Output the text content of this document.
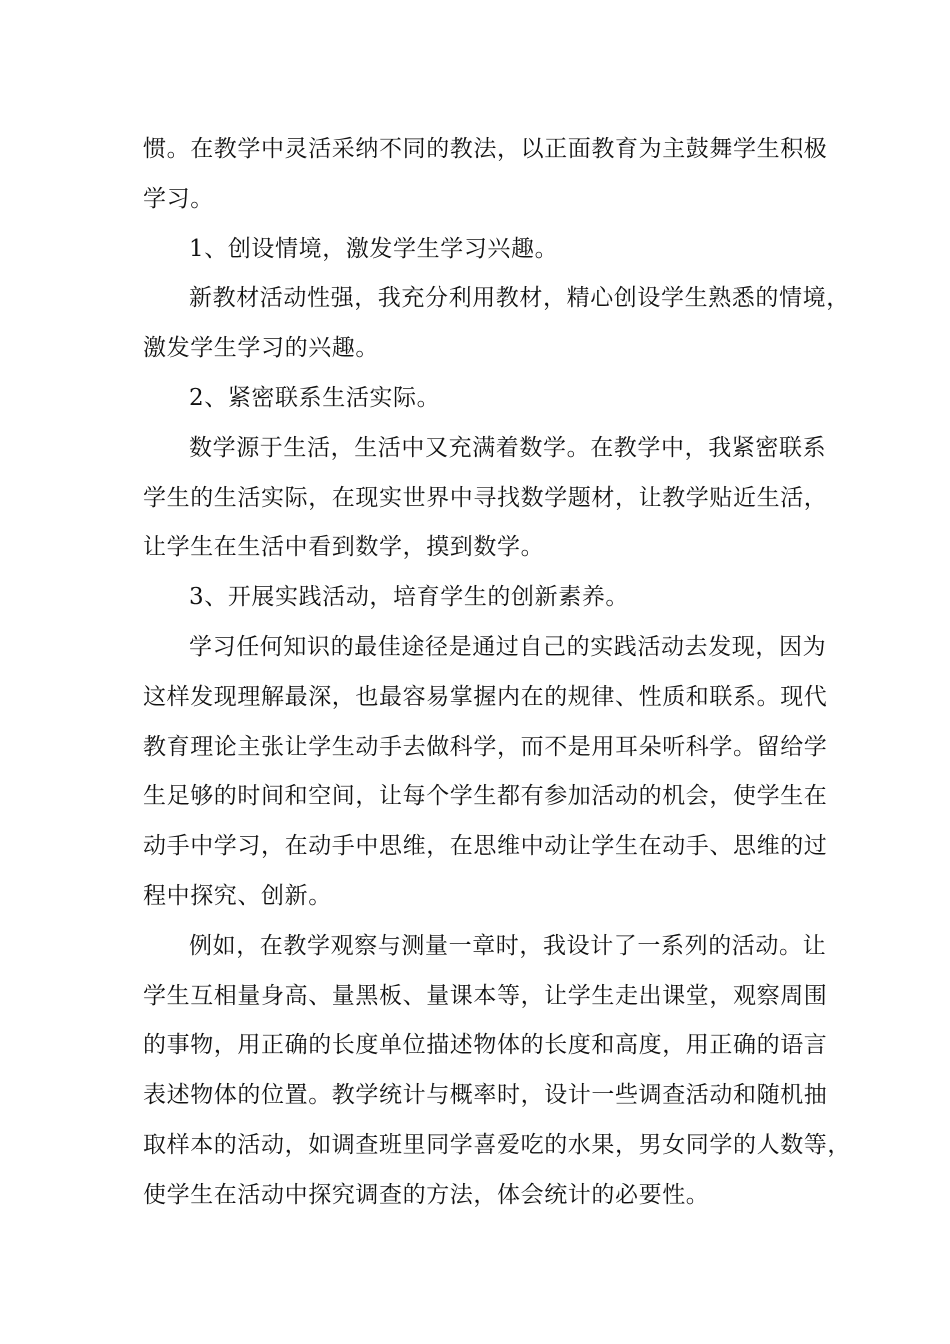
惯。在教学中灵活采纳不同的教法，以正面教育为主鼓舞学生积极
学习。
1、创设情境，激发学生学习兴趣。
新教材活动性强，我充分利用教材，精心创设学生熟悉的情境，
激发学生学习的兴趣。
2、紧密联系生活实际。
数学源于生活，生活中又充满着数学。在教学中，我紧密联系
学生的生活实际，在现实世界中寻找数学题材，让教学贴近生活，
让学生在生活中看到数学，摸到数学。
3、开展实践活动，培育学生的创新素养。
学习任何知识的最佳途径是通过自己的实践活动去发现，因为
这样发现理解最深，也最容易掌握内在的规律、性质和联系。现代
教育理论主张让学生动手去做科学，而不是用耳朵听科学。留给学
生足够的时间和空间，让每个学生都有参加活动的机会，使学生在
动手中学习，在动手中思维，在思维中动让学生在动手、思维的过
程中探究、创新。
例如，在教学观察与测量一章时，我设计了一系列的活动。让
学生互相量身高、量黑板、量课本等，让学生走出课堂，观察周围
的事物，用正确的长度单位描述物体的长度和高度，用正确的语言
表述物体的位置。教学统计与概率时，设计一些调查活动和随机抽
取样本的活动，如调查班里同学喜爱吃的水果，男女同学的人数等，
使学生在活动中探究调查的方法，体会统计的必要性。
